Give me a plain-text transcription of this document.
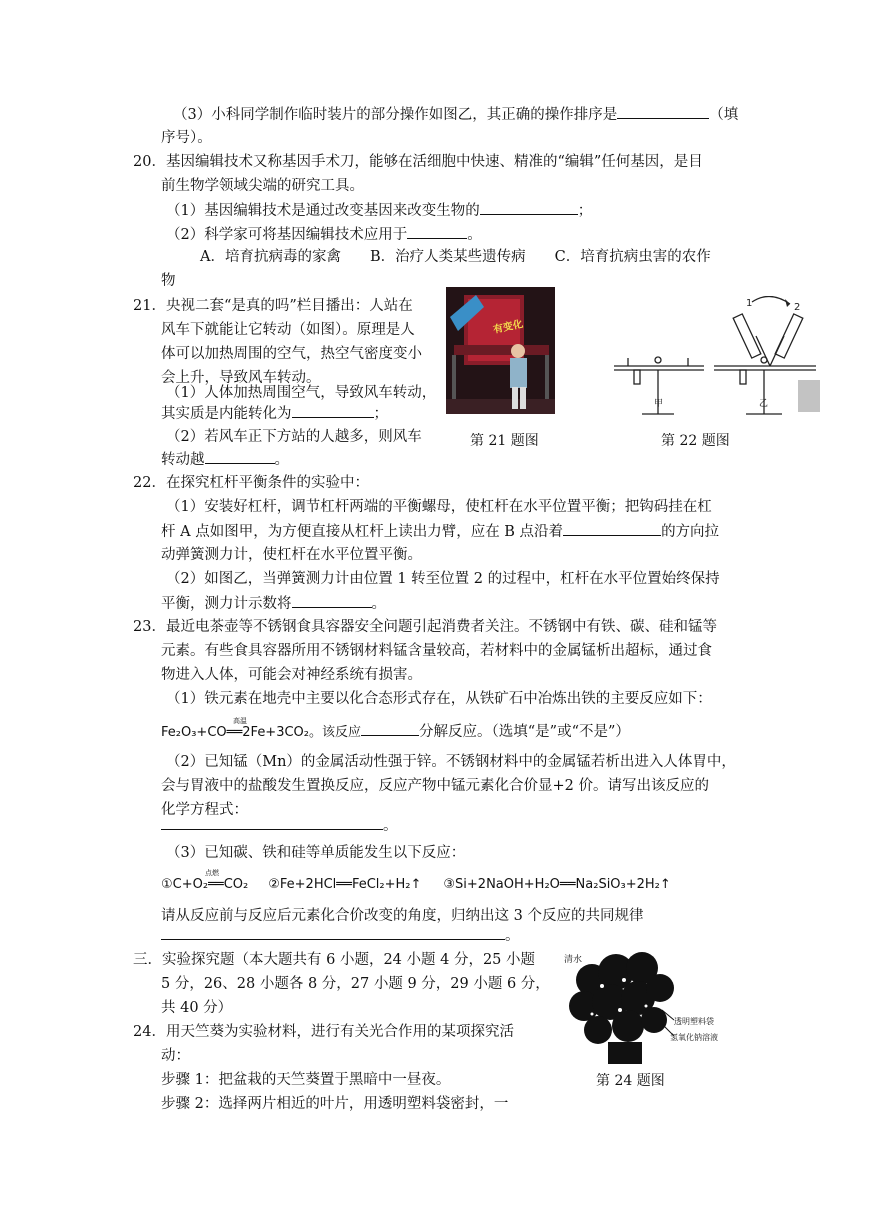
（3）小科同学制作临时装片的部分操作如图乙，其正确的操作排序是	（填
序号）。
20．基因编辑技术又称基因手术刀，能够在活细胞中快速、精准的“编辑”任何基因，是目
前生物学领域尖端的研究工具。
（1）基因编辑技术是通过改变基因来改变生物的	；
（2）科学家可将基因编辑技术应用于	。
A．培育抗病毒的家禽　　B．治疗人类某些遗传病　　C．培育抗病虫害的农作
物
21．央视二套“是真的吗”栏目播出：人站在
风车下就能让它转动（如图）。原理是人
体可以加热周围的空气，热空气密度变小
会上升，导致风车转动。
（1）人体加热周围空气，导致风车转动，
其实质是内能转化为	；
（2）若风车正下方站的人越多，则风车
转动越	。
有变化
第 21 题图
1	2
甲	乙
第 22 题图
22．在探究杠杆平衡条件的实验中：
（1）安装好杠杆，调节杠杆两端的平衡螺母，使杠杆在水平位置平衡；把钩码挂在杠
杆 A 点如图甲，为方便直接从杠杆上读出力臂，应在 B 点沿着	的方向拉
动弹簧测力计，使杠杆在水平位置平衡。
（2）如图乙，当弹簧测力计由位置 1 转至位置 2 的过程中，杠杆在水平位置始终保持
平衡，测力计示数将	。
23．最近电茶壶等不锈钢食具容器安全问题引起消费者关注。不锈钢中有铁、碳、硅和锰等
元素。有些食具容器所用不锈钢材料锰含量较高，若材料中的金属锰析出超标，通过食
物进入人体，可能会对神经系统有损害。
（1）铁元素在地壳中主要以化合态形式存在，从铁矿石中冶炼出铁的主要反应如下：
Fe₂O₃+CO══2Fe+3CO₂。该反应
高温
分解反应。（选填“是”或“不是”）
（2）已知锰（Mn）的金属活动性强于锌。不锈钢材料中的金属锰若析出进入人体胃中，
会与胃液中的盐酸发生置换反应，反应产物中锰元素化合价显+2 价。请写出该反应的
化学方程式：
。
（3）已知碳、铁和硅等单质能发生以下反应：
①C+O₂══CO₂
点燃
②Fe+2HCl══FeCl₂+H₂↑ ③Si+2NaOH+H₂O══Na₂SiO₃+2H₂↑
请从反应前与反应后元素化合价改变的角度，归纳出这 3 个反应的共同规律
。
三．实验探究题（本大题共有 6 小题，24 小题 4 分，25 小题
5 分，26、28 小题各 8 分，27 小题 9 分，29 小题 6 分，
共 40 分）
24．用天竺葵为实验材料，进行有关光合作用的某项探究活
动：
步骤 1：把盆栽的天竺葵置于黑暗中一昼夜。
步骤 2：选择两片相近的叶片，用透明塑料袋密封，一
清水
透明塑料袋
氢氧化钠溶液
第 24 题图
